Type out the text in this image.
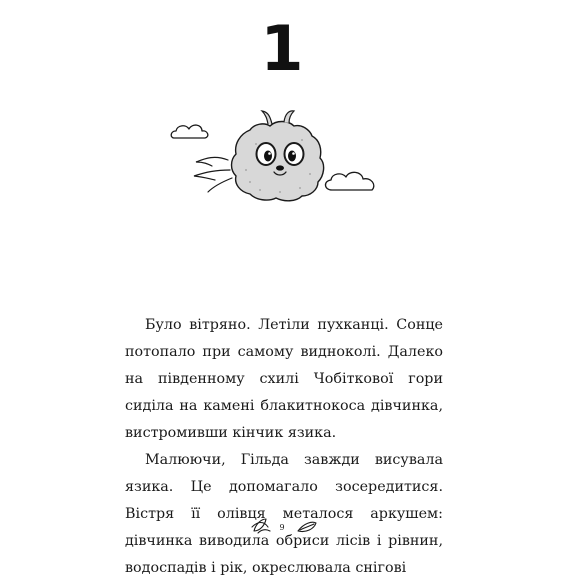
1

Було вітряно. Летіли пухканці. Сонце потопало при самому видноколі. Далеко на південному схилі Чобіткової гори сиділа на камені блакитнокоса дівчинка, вистромивши кінчик язика.

Малюючи, Гільда завжди висувала язика. Це допомагало зосередитися. Вістря її олівця металося аркушем: дівчинка виводила обриси лісів і рівнин, водоспадів і рік, окреслювала снігові

9
